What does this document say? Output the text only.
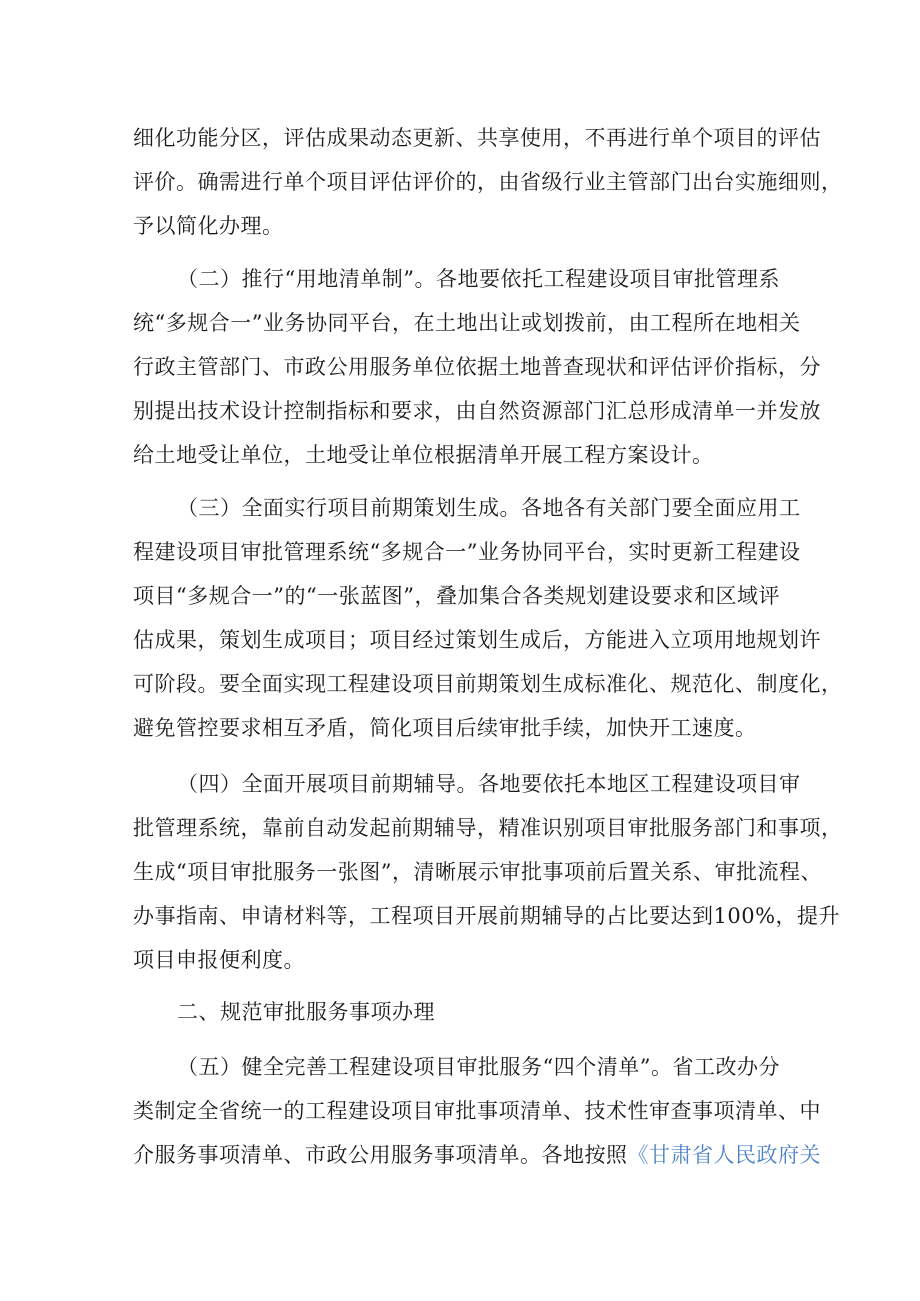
细化功能分区，评估成果动态更新、共享使用，不再进行单个项目的评估
评价。确需进行单个项目评估评价的，由省级行业主管部门出台实施细则，
予以简化办理。
（二）推行“用地清单制”。各地要依托工程建设项目审批管理系
统“多规合一”业务协同平台，在土地出让或划拨前，由工程所在地相关
行政主管部门、市政公用服务单位依据土地普查现状和评估评价指标，分
别提出技术设计控制指标和要求，由自然资源部门汇总形成清单一并发放
给土地受让单位，土地受让单位根据清单开展工程方案设计。
（三）全面实行项目前期策划生成。各地各有关部门要全面应用工
程建设项目审批管理系统“多规合一”业务协同平台，实时更新工程建设
项目“多规合一”的“一张蓝图”，叠加集合各类规划建设要求和区域评
估成果，策划生成项目；项目经过策划生成后，方能进入立项用地规划许
可阶段。要全面实现工程建设项目前期策划生成标准化、规范化、制度化，
避免管控要求相互矛盾，简化项目后续审批手续，加快开工速度。
（四）全面开展项目前期辅导。各地要依托本地区工程建设项目审
批管理系统，靠前自动发起前期辅导，精准识别项目审批服务部门和事项，
生成“项目审批服务一张图”，清晰展示审批事项前后置关系、审批流程、
办事指南、申请材料等，工程项目开展前期辅导的占比要达到100%，提升
项目申报便利度。
二、规范审批服务事项办理
（五）健全完善工程建设项目审批服务“四个清单”。省工改办分
类制定全省统一的工程建设项目审批事项清单、技术性审查事项清单、中
介服务事项清单、市政公用服务事项清单。各地按照《甘肃省人民政府关
